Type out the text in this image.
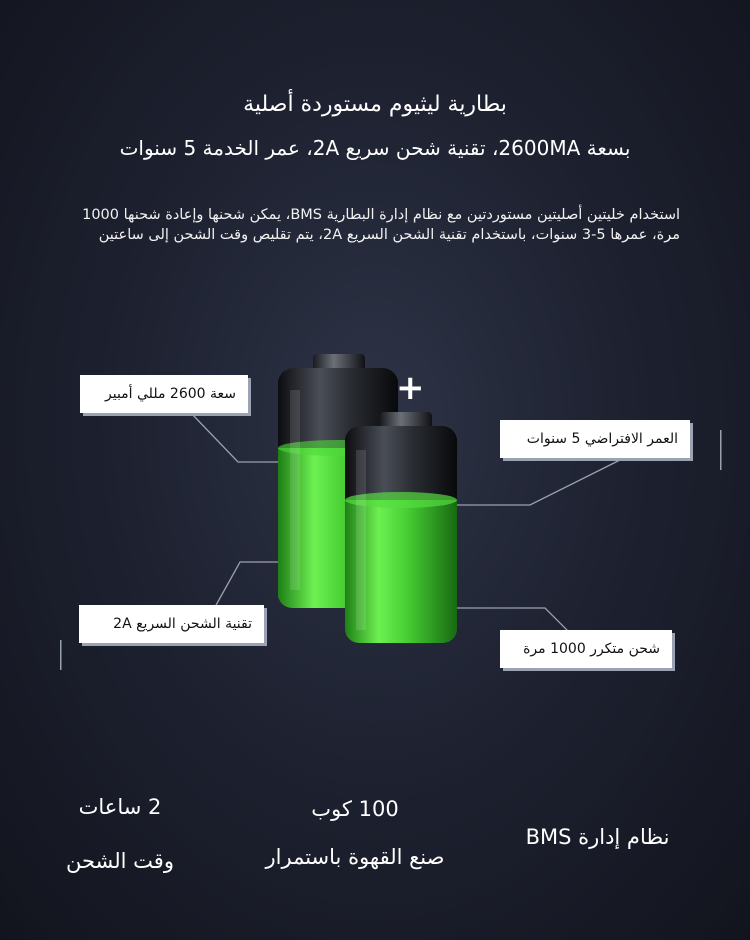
بطارية ليثيوم مستوردة أصلية
بسعة 2600MA، تقنية شحن سريع 2A، عمر الخدمة 5 سنوات
استخدام خليتين أصليتين مستوردتين مع نظام إدارة البطارية BMS، يمكن شحنها وإعادة شحنها 1000 مرة، عمرها 5-3 سنوات، باستخدام تقنية الشحن السريع 2A، يتم تقليص وقت الشحن إلى ساعتين
سعة 2600 مللي أمبير
تقنية الشحن السريع 2A
العمر الافتراضي 5 سنوات
شحن متكرر 1000 مرة
+
2 ساعات
وقت الشحن
100 كوب
صنع القهوة باستمرار
نظام إدارة BMS
